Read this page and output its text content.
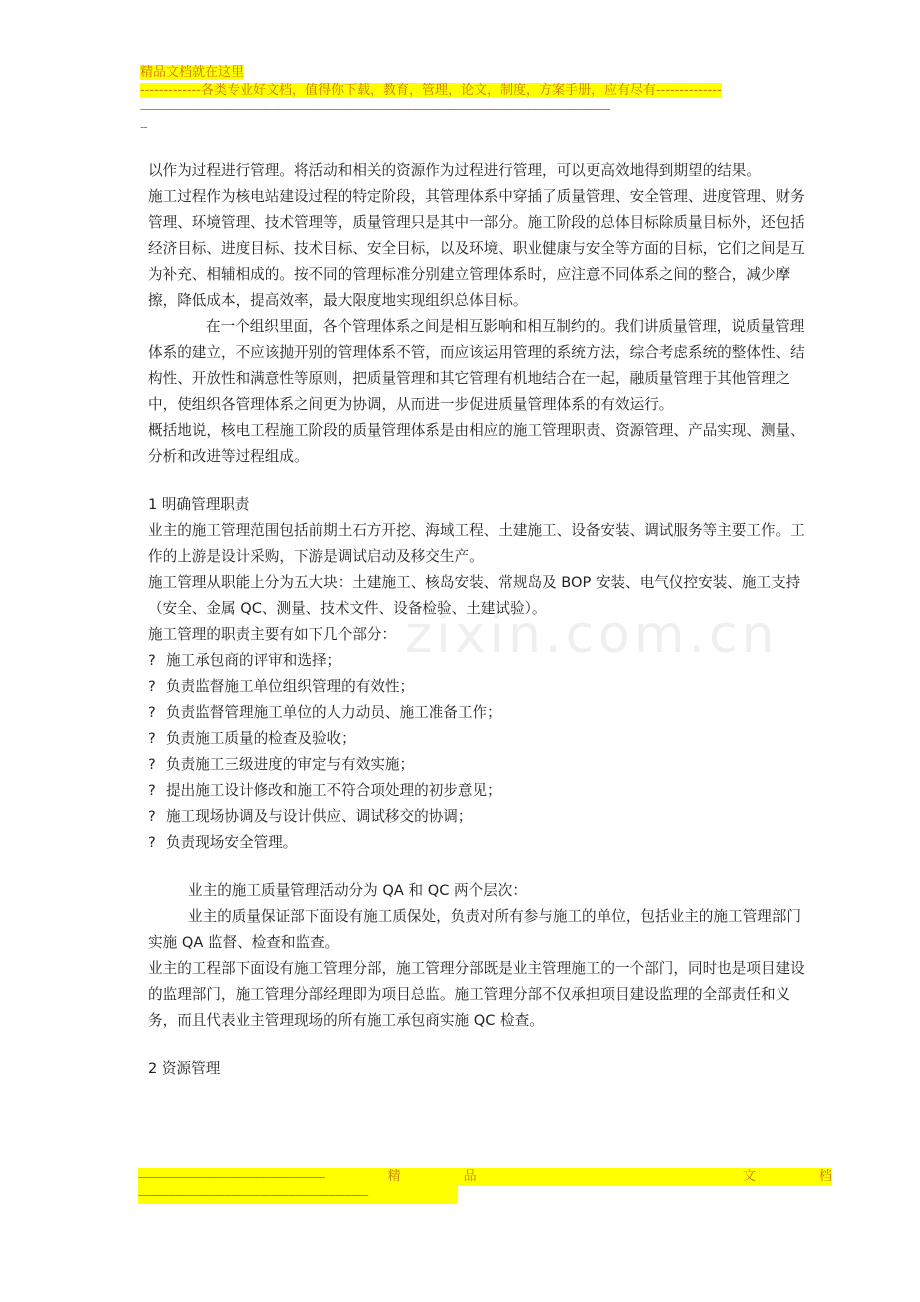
精品文档就在这里
-------------各类专业好文档，值得你下载，教育，管理，论文，制度，方案手册，应有尽有--------------
---------------------------------------------------------------------------------------------------------------------------------------------
--
zixin.com.cn

以作为过程进行管理。将活动和相关的资源作为过程进行管理，可以更高效地得到期望的结果。

施工过程作为核电站建设过程的特定阶段，其管理体系中穿插了质量管理、安全管理、进度管理、财务管理、环境管理、技术管理等，质量管理只是其中一部分。施工阶段的总体目标除质量目标外，还包括经济目标、进度目标、技术目标、安全目标，以及环境、职业健康与安全等方面的目标，它们之间是互为补充、相辅相成的。按不同的管理标准分别建立管理体系时，应注意不同体系之间的整合，减少摩擦，降低成本，提高效率，最大限度地实现组织总体目标。

在一个组织里面，各个管理体系之间是相互影响和相互制约的。我们讲质量管理，说质量管理体系的建立，不应该抛开别的管理体系不管，而应该运用管理的系统方法，综合考虑系统的整体性、结构性、开放性和满意性等原则，把质量管理和其它管理有机地结合在一起，融质量管理于其他管理之中，使组织各管理体系之间更为协调，从而进一步促进质量管理体系的有效运行。

概括地说，核电工程施工阶段的质量管理体系是由相应的施工管理职责、资源管理、产品实现、测量、分析和改进等过程组成。

1 明确管理职责

业主的施工管理范围包括前期土石方开挖、海域工程、土建施工、设备安装、调试服务等主要工作。工作的上游是设计采购，下游是调试启动及移交生产。

施工管理从职能上分为五大块：土建施工、核岛安装、常规岛及 BOP 安装、电气仪控安装、施工支持（安全、金属 QC、测量、技术文件、设备检验、土建试验）。

施工管理的职责主要有如下几个部分：

? 施工承包商的评审和选择；

? 负责监督施工单位组织管理的有效性；

? 负责监督管理施工单位的人力动员、施工准备工作；

? 负责施工质量的检查及验收；

? 负责施工三级进度的审定与有效实施；

? 提出施工设计修改和施工不符合项处理的初步意见；

? 施工现场协调及与设计供应、调试移交的协调；

? 负责现场安全管理。

业主的施工质量管理活动分为 QA 和 QC 两个层次：

业主的质量保证部下面设有施工质保处，负责对所有参与施工的单位，包括业主的施工管理部门实施 QA 监督、检查和监查。

业主的工程部下面设有施工管理分部，施工管理分部既是业主管理施工的一个部门，同时也是项目建设的监理部门，施工管理分部经理即为项目总监。施工管理分部不仅承担项目建设监理的全部责任和义务，而且代表业主管理现场的所有施工承包商实施 QC 检查。

2 资源管理

--------------------------------------------------------	精	品	文	档
---------------------------------------------------------------------
